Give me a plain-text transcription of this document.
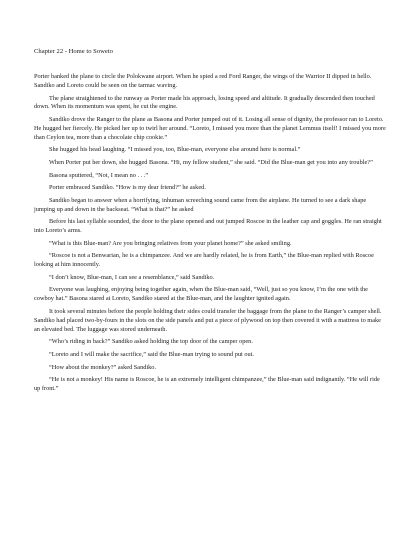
Chapter 22 - Home to Soweto

Porter banked the plane to circle the Polokwane airport. When he spied a red Ford Ranger, the wings of the Warrior II dipped in hello. Sandiko and Loreto could be seen on the tarmac waving.

The plane straightened to the runway as Porter made his approach, losing speed and altitude. It gradually descended then touched down. When its momentum was spent, he cut the engine.

Sandiko drove the Ranger to the plane as Basona and Porter jumped out of it. Losing all sense of dignity, the professor ran to Loreto. He hugged her fiercely. He picked her up to twirl her around. “Loreto, I missed you more than the planet Lemmus itself! I missed you more than Ceylon tea, more than a chocolate chip cookie.”

She hugged his head laughing. “I missed you, too, Blue-man, everyone else around here is normal.”

When Porter put her down, she hugged Basona. “Hi, my fellow student,” she said. “Did the Blue-man get you into any trouble?”

Basona sputtered, “Not, I mean no . . .”

Porter embraced Sandiko. “How is my dear friend?” he asked.

Sandiko began to answer when a horrifying, inhuman screeching sound came from the airplane. He turned to see a dark shape jumping up and down in the backseat. “What is that?” he asked

Before his last syllable sounded, the door to the plane opened and out jumped Roscoe in the leather cap and goggles. He ran straight into Loreto’s arms.

“What is this Blue-man? Are you bringing relatives from your planet home?” she asked smiling.

“Roscoe is not a Benwarian, he is a chimpanzee. And we are hardly related, he is from Earth,” the Blue-man replied with Roscoe looking at him innocently.

“I don’t know, Blue-man, I can see a resemblance,” said Sandiko.

Everyone was laughing, enjoying being together again, when the Blue-man said, “Well, just so you know, I’m the one with the cowboy hat.” Basona stared at Loreto, Sandiko stared at the Blue-man, and the laughter ignited again.

It took several minutes before the people holding their sides could transfer the baggage from the plane to the Ranger’s camper shell. Sandiko had placed two-by-fours in the slots on the side panels and put a piece of plywood on top then covered it with a mattress to make an elevated bed. The luggage was stored underneath.

“Who’s riding in back?” Sandiko asked holding the top door of the camper open.

“Loreto and I will make the sacrifice,” said the Blue-man trying to sound put out.

“How about the monkey?” asked Sandiko.

“He is not a monkey! His name is Roscoe, he is an extremely intelligent chimpanzee,” the Blue-man said indignantly. “He will ride up front.”
